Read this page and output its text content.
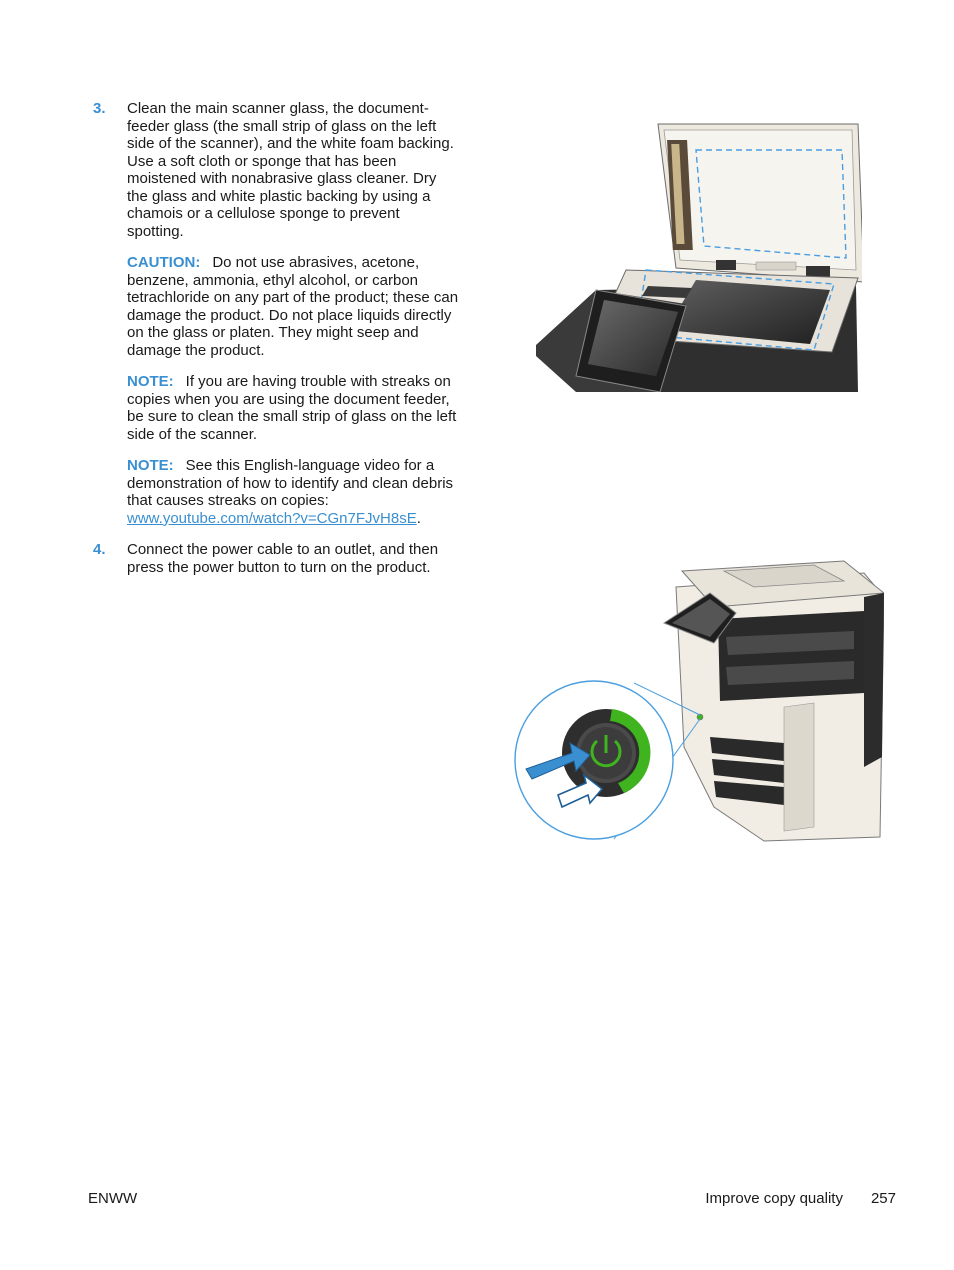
3.	Clean the main scanner glass, the document-feeder glass (the small strip of glass on the left side of the scanner), and the white foam backing. Use a soft cloth or sponge that has been moistened with nonabrasive glass cleaner. Dry the glass and white plastic backing by using a chamois or a cellulose sponge to prevent spotting.

CAUTION: Do not use abrasives, acetone, benzene, ammonia, ethyl alcohol, or carbon tetrachloride on any part of the product; these can damage the product. Do not place liquids directly on the glass or platen. They might seep and damage the product.

NOTE: If you are having trouble with streaks on copies when you are using the document feeder, be sure to clean the small strip of glass on the left side of the scanner.

NOTE: See this English-language video for a demonstration of how to identify and clean debris that causes streaks on copies: www.youtube.com/watch?v=CGn7FJvH8sE.

4.	Connect the power cable to an outlet, and then press the power button to turn on the product.

ENWW	Improve copy quality 257
